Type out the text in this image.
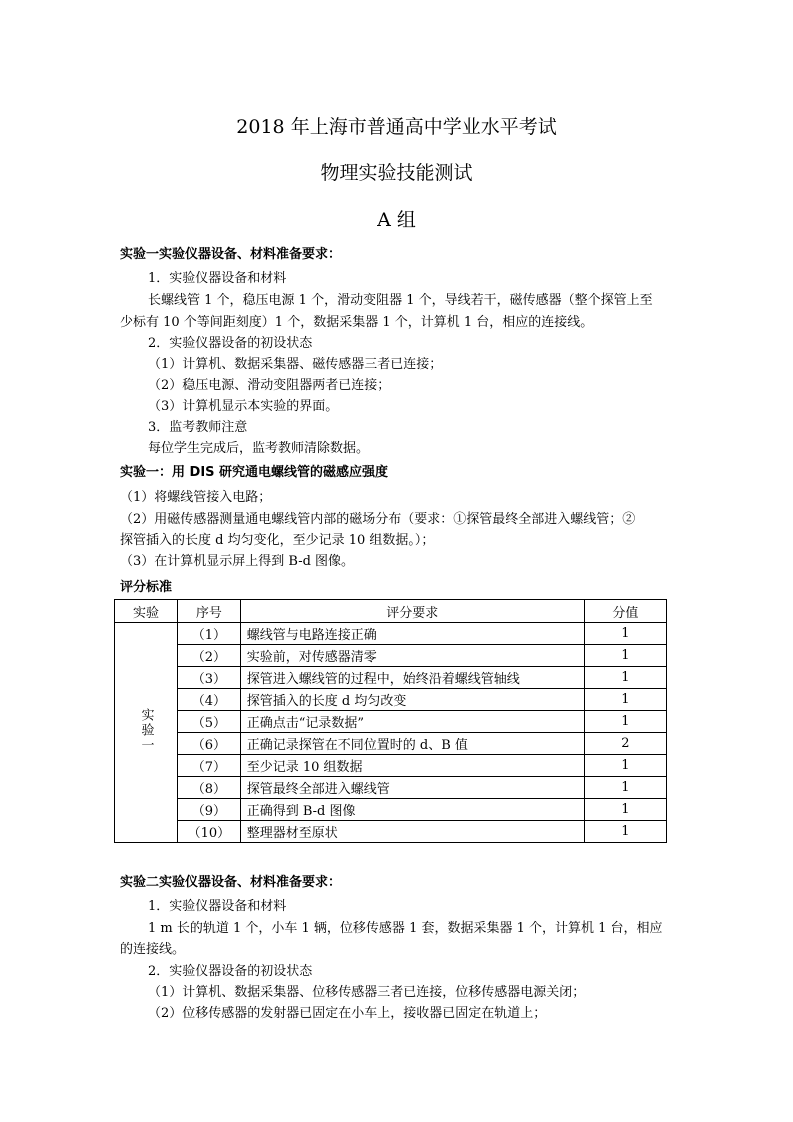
2018 年上海市普通高中学业水平考试
物理实验技能测试
A 组
实验一实验仪器设备、材料准备要求：
1．实验仪器设备和材料
长螺线管 1 个，稳压电源 1 个，滑动变阻器 1 个，导线若干，磁传感器（整个探管上至
少标有 10 个等间距刻度）1 个，数据采集器 1 个，计算机 1 台，相应的连接线。
2．实验仪器设备的初设状态
（1）计算机、数据采集器、磁传感器三者已连接；
（2）稳压电源、滑动变阻器两者已连接；
（3）计算机显示本实验的界面。
3．监考教师注意
每位学生完成后，监考教师清除数据。
实验一：用 DIS 研究通电螺线管的磁感应强度
（1）将螺线管接入电路；
（2）用磁传感器测量通电螺线管内部的磁场分布（要求：①探管最终全部进入螺线管；②
探管插入的长度 d 均匀变化，至少记录 10 组数据。）；
（3）在计算机显示屏上得到 B-d 图像。
评分标准
实验	序号	评分要求	分值
实验一	（1）	螺线管与电路连接正确	1
	（2）	实验前，对传感器清零	1
	（3）	探管进入螺线管的过程中，始终沿着螺线管轴线	1
	（4）	探管插入的长度 d 均匀改变	1
	（5）	正确点击“记录数据”	1
	（6）	正确记录探管在不同位置时的 d、B 值	2
	（7）	至少记录 10 组数据	1
	（8）	探管最终全部进入螺线管	1
	（9）	正确得到 B-d 图像	1
	（10）	整理器材至原状	1
实验二实验仪器设备、材料准备要求：
1．实验仪器设备和材料
1 m 长的轨道 1 个，小车 1 辆，位移传感器 1 套，数据采集器 1 个，计算机 1 台，相应
的连接线。
2．实验仪器设备的初设状态
（1）计算机、数据采集器、位移传感器三者已连接，位移传感器电源关闭；
（2）位移传感器的发射器已固定在小车上，接收器已固定在轨道上；
